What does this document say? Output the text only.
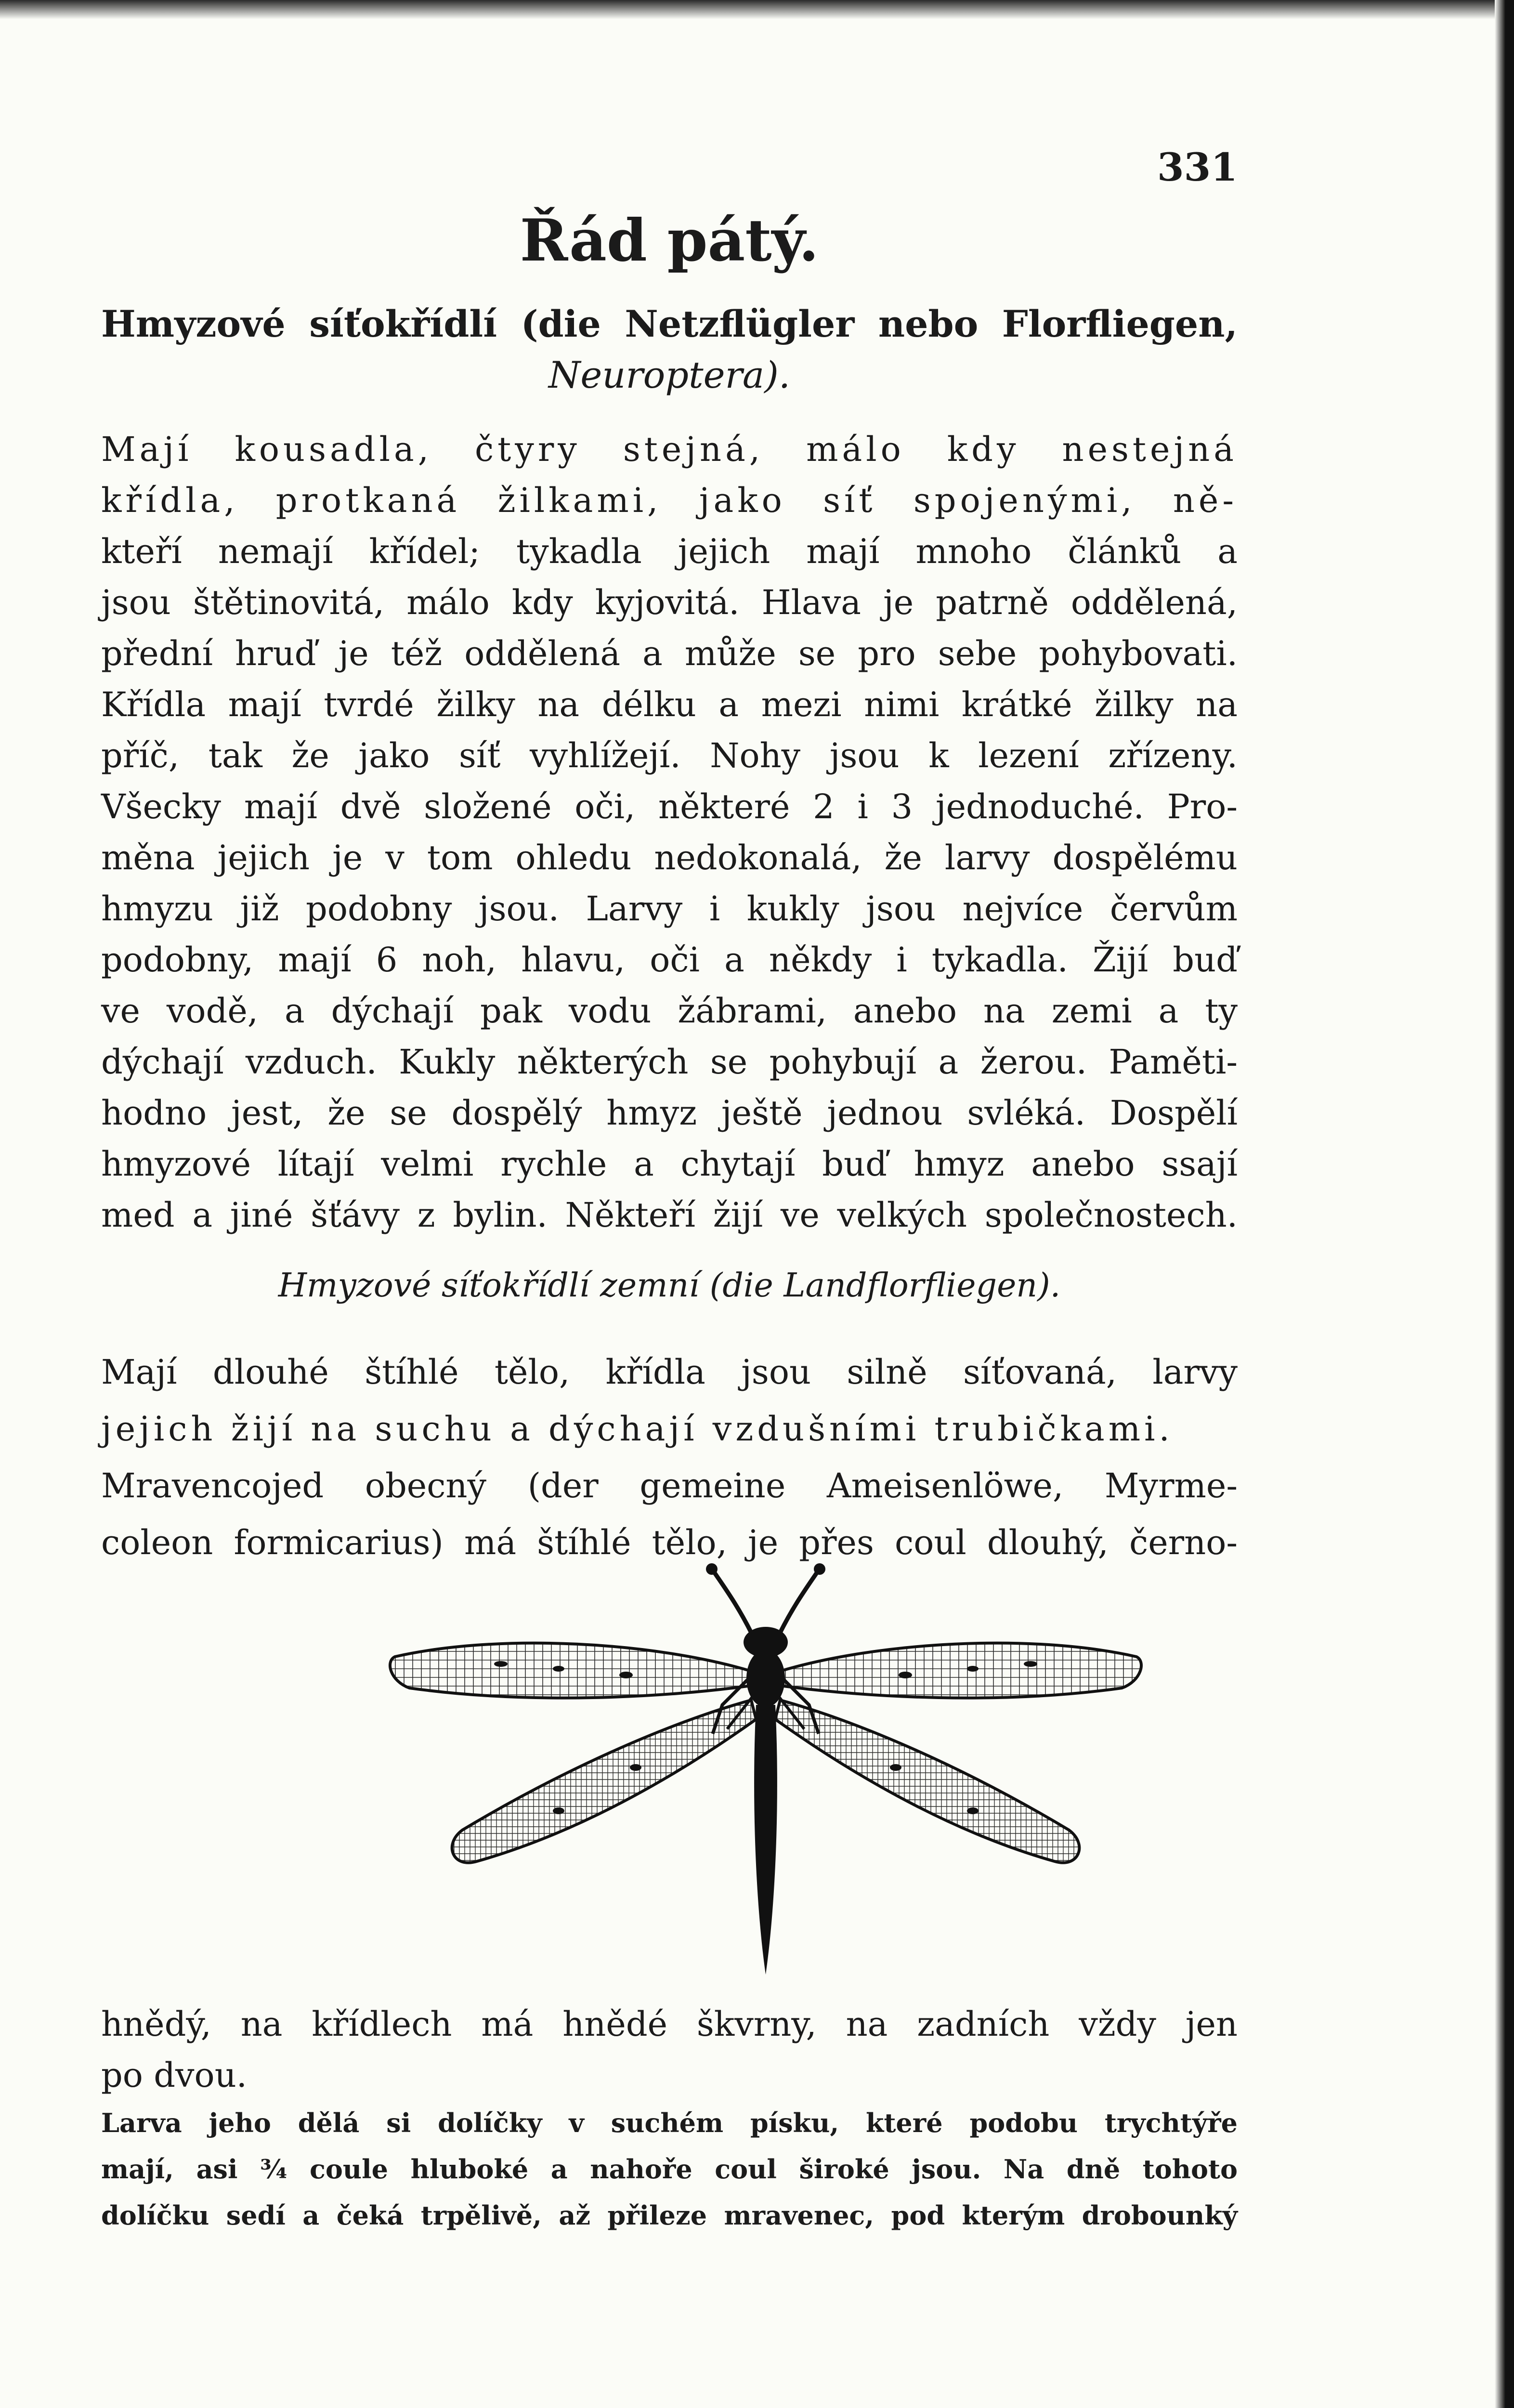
331
Řád pátý.
Hmyzové síťokřídlí (die Netzflügler nebo Florfliegen,
Neuroptera).
Mají kousadla, čtyry stejná, málo kdy nestejná
křídla, protkaná žilkami, jako síť spojenými, ně-
kteří nemají křídel; tykadla jejich mají mnoho článků a
jsou štětinovitá, málo kdy kyjovitá. Hlava je patrně oddělená,
přední hruď je též oddělená a může se pro sebe pohybovati.
Křídla mají tvrdé žilky na délku a mezi nimi krátké žilky na
příč, tak že jako síť vyhlížejí. Nohy jsou k lezení zřízeny.
Všecky mají dvě složené oči, některé 2 i 3 jednoduché. Pro-
měna jejich je v tom ohledu nedokonalá, že larvy dospělému
hmyzu již podobny jsou. Larvy i kukly jsou nejvíce červům
podobny, mají 6 noh, hlavu, oči a někdy i tykadla. Žijí buď
ve vodě, a dýchají pak vodu žábrami, anebo na zemi a ty
dýchají vzduch. Kukly některých se pohybují a žerou. Paměti-
hodno jest, že se dospělý hmyz ještě jednou svléká. Dospělí
hmyzové lítají velmi rychle a chytají buď hmyz anebo ssají
med a jiné šťávy z bylin. Někteří žijí ve velkých společnostech.
Hmyzové síťokřídlí zemní (die Landflorfliegen).
Mají dlouhé štíhlé tělo, křídla jsou silně síťovaná, larvy
jejich žijí na suchu a dýchají vzdušními trubičkami.
Mravencojed obecný (der gemeine Ameisenlöwe, Myrme-
coleon formicarius) má štíhlé tělo, je přes coul dlouhý, černo-
hnědý, na křídlech má hnědé škvrny, na zadních vždy jen
po dvou.
Larva jeho dělá si dolíčky v suchém písku, které podobu trychtýře
mají, asi ¾ coule hluboké a nahoře coul široké jsou. Na dně tohoto
dolíčku sedí a čeká trpělivě, až přileze mravenec, pod kterým drobounký
